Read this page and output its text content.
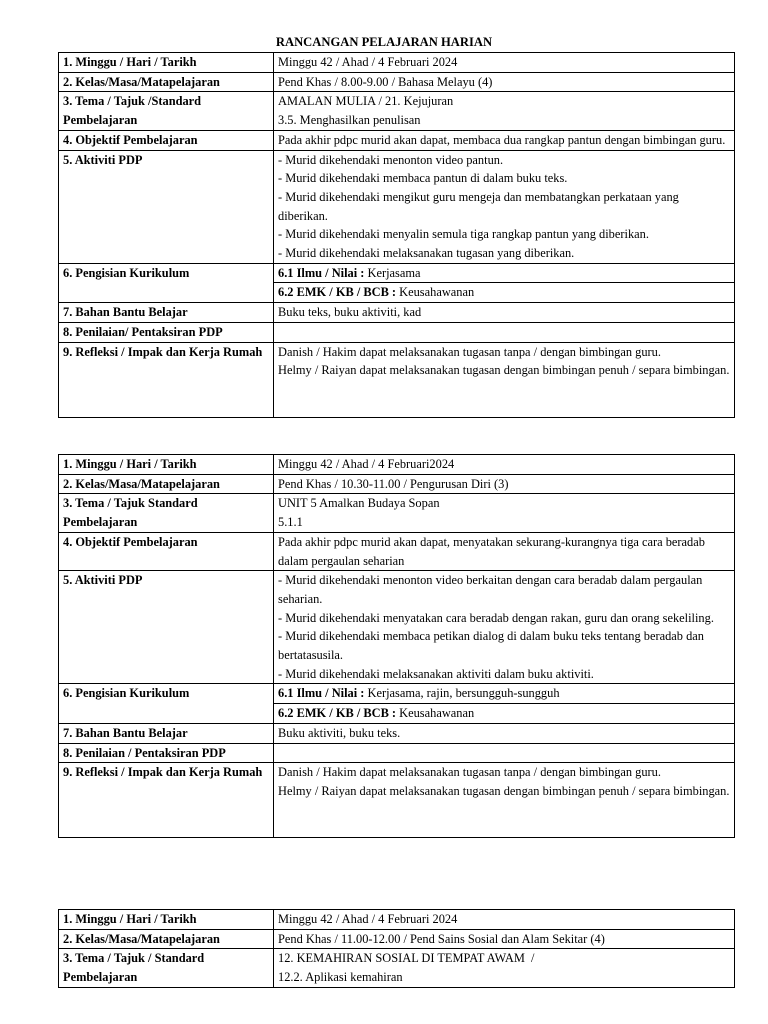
RANCANGAN PELAJARAN HARIAN
1. Minggu / Hari / Tarikh	Minggu 42 / Ahad / 4 Februari 2024
2. Kelas/Masa/Matapelajaran	Pend Khas / 8.00-9.00 / Bahasa Melayu (4)
3. Tema / Tajuk /Standard Pembelajaran	AMALAN MULIA / 21. Kejujuran
3.5. Menghasilkan penulisan

4. Objektif Pembelajaran	Pada akhir pdpc murid akan dapat, membaca dua rangkap pantun dengan bimbingan guru.
5. Aktiviti PDP	- Murid dikehendaki menonton video pantun.
- Murid dikehendaki membaca pantun di dalam buku teks.
- Murid dikehendaki mengikut guru mengeja dan membatangkan perkataan yang diberikan.
- Murid dikehendaki menyalin semula tiga rangkap pantun yang diberikan.
- Murid dikehendaki melaksanakan tugasan yang diberikan.

6. Pengisian Kurikulum	6.1 Ilmu / Nilai : Kerjasama
6.2 EMK / KB / BCB : Keusahawanan

7. Bahan Bantu Belajar	Buku teks, buku aktiviti, kad
8. Penilaian/ Pentaksiran PDP	
9. Refleksi / Impak dan Kerja Rumah	Danish / Hakim dapat melaksanakan tugasan tanpa / dengan bimbingan guru.
Helmy / Raiyan dapat melaksanakan tugasan dengan bimbingan penuh / separa bimbingan.
1. Minggu / Hari / Tarikh	Minggu 42 / Ahad / 4 Februari2024
2. Kelas/Masa/Matapelajaran	Pend Khas / 10.30-11.00 / Pengurusan Diri (3)
3. Tema / Tajuk Standard Pembelajaran	UNIT 5 Amalkan Budaya Sopan
5.1.1

4. Objektif Pembelajaran	Pada akhir pdpc murid akan dapat, menyatakan sekurang-kurangnya tiga cara beradab dalam pergaulan seharian
5. Aktiviti PDP	- Murid dikehendaki menonton video berkaitan dengan cara beradab dalam pergaulan seharian.
- Murid dikehendaki menyatakan cara beradab dengan rakan, guru dan orang sekeliling.
- Murid dikehendaki membaca petikan dialog di dalam buku teks tentang beradab dan bertatasusila.
- Murid dikehendaki melaksanakan aktiviti dalam buku aktiviti.

6. Pengisian Kurikulum	6.1 Ilmu / Nilai : Kerjasama, rajin, bersungguh-sungguh
6.2 EMK / KB / BCB : Keusahawanan

7. Bahan Bantu Belajar	Buku aktiviti, buku teks.
8. Penilaian / Pentaksiran PDP	
9. Refleksi / Impak dan Kerja Rumah	Danish / Hakim dapat melaksanakan tugasan tanpa / dengan bimbingan guru.
Helmy / Raiyan dapat melaksanakan tugasan dengan bimbingan penuh / separa bimbingan.
1. Minggu / Hari / Tarikh	Minggu 42 / Ahad / 4 Februari 2024
2. Kelas/Masa/Matapelajaran	Pend Khas / 11.00-12.00 / Pend Sains Sosial dan Alam Sekitar (4)
3. Tema / Tajuk / Standard Pembelajaran	12. KEMAHIRAN SOSIAL DI TEMPAT AWAM  /
12.2. Aplikasi kemahiran
